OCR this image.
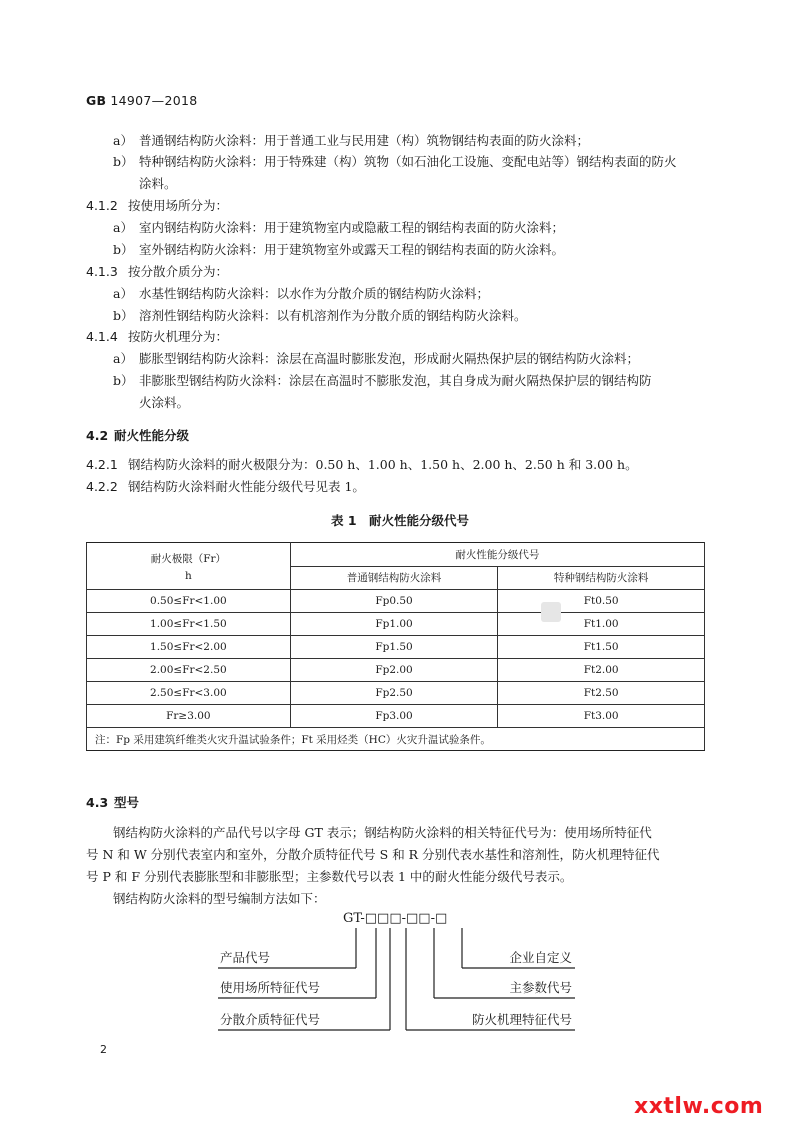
GB 14907—2018
a） 普通钢结构防火涂料：用于普通工业与民用建（构）筑物钢结构表面的防火涂料；
b） 特种钢结构防火涂料：用于特殊建（构）筑物（如石油化工设施、变配电站等）钢结构表面的防火
涂料。
4.1.2 按使用场所分为：
a） 室内钢结构防火涂料：用于建筑物室内或隐蔽工程的钢结构表面的防火涂料；
b） 室外钢结构防火涂料：用于建筑物室外或露天工程的钢结构表面的防火涂料。
4.1.3 按分散介质分为：
a） 水基性钢结构防火涂料：以水作为分散介质的钢结构防火涂料；
b） 溶剂性钢结构防火涂料：以有机溶剂作为分散介质的钢结构防火涂料。
4.1.4 按防火机理分为：
a） 膨胀型钢结构防火涂料：涂层在高温时膨胀发泡，形成耐火隔热保护层的钢结构防火涂料；
b） 非膨胀型钢结构防火涂料：涂层在高温时不膨胀发泡，其自身成为耐火隔热保护层的钢结构防
火涂料。
4.2 耐火性能分级
4.2.1 钢结构防火涂料的耐火极限分为：0.50 h、1.00 h、1.50 h、2.00 h、2.50 h 和 3.00 h。
4.2.2 钢结构防火涂料耐火性能分级代号见表 1。
表 1　耐火性能分级代号
耐火极限（Fr）
h	耐火性能分级代号	
	普通钢结构防火涂料	特种钢结构防火涂料
0.50≤Fr<1.00	Fp0.50	Ft0.50
1.00≤Fr<1.50	Fp1.00	Ft1.00
1.50≤Fr<2.00	Fp1.50	Ft1.50
2.00≤Fr<2.50	Fp2.00	Ft2.00
2.50≤Fr<3.00	Fp2.50	Ft2.50
Fr≥3.00	Fp3.00	Ft3.00
注：Fp 采用建筑纤维类火灾升温试验条件；Ft 采用烃类（HC）火灾升温试验条件。		
4.3 型号
钢结构防火涂料的产品代号以字母 GT 表示；钢结构防火涂料的相关特征代号为：使用场所特征代
号 N 和 W 分别代表室内和室外，分散介质特征代号 S 和 R 分别代表水基性和溶剂性，防火机理特征代
号 P 和 F 分别代表膨胀型和非膨胀型；主参数代号以表 1 中的耐火性能分级代号表示。
钢结构防火涂料的型号编制方法如下：
GT-□□□-□□-□
产品代号
使用场所特征代号
分散介质特征代号
企业自定义
主参数代号
防火机理特征代号
2
xxtlw.com
